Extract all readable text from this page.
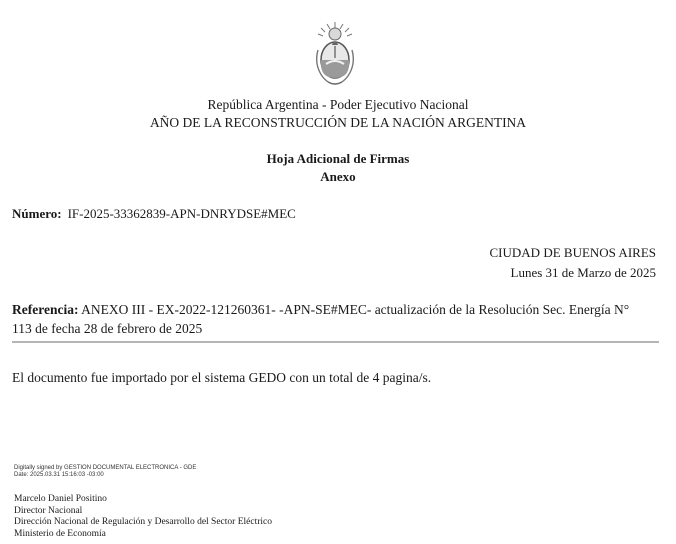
República Argentina - Poder Ejecutivo Nacional
AÑO DE LA RECONSTRUCCIÓN DE LA NACIÓN ARGENTINA
Hoja Adicional de Firmas
Anexo
Número: IF-2025-33362839-APN-DNRYDSE#MEC
CIUDAD DE BUENOS AIRES
Lunes 31 de Marzo de 2025
Referencia: ANEXO III - EX-2022-121260361- -APN-SE#MEC- actualización de la Resolución Sec. Energía N° 113 de fecha 28 de febrero de 2025
El documento fue importado por el sistema GEDO con un total de 4 pagina/s.
Digitally signed by GESTION DOCUMENTAL ELECTRONICA - GDE
Date: 2025.03.31 15:16:03 -03:00
Marcelo Daniel Positino
Director Nacional
Dirección Nacional de Regulación y Desarrollo del Sector Eléctrico
Ministerio de Economía
